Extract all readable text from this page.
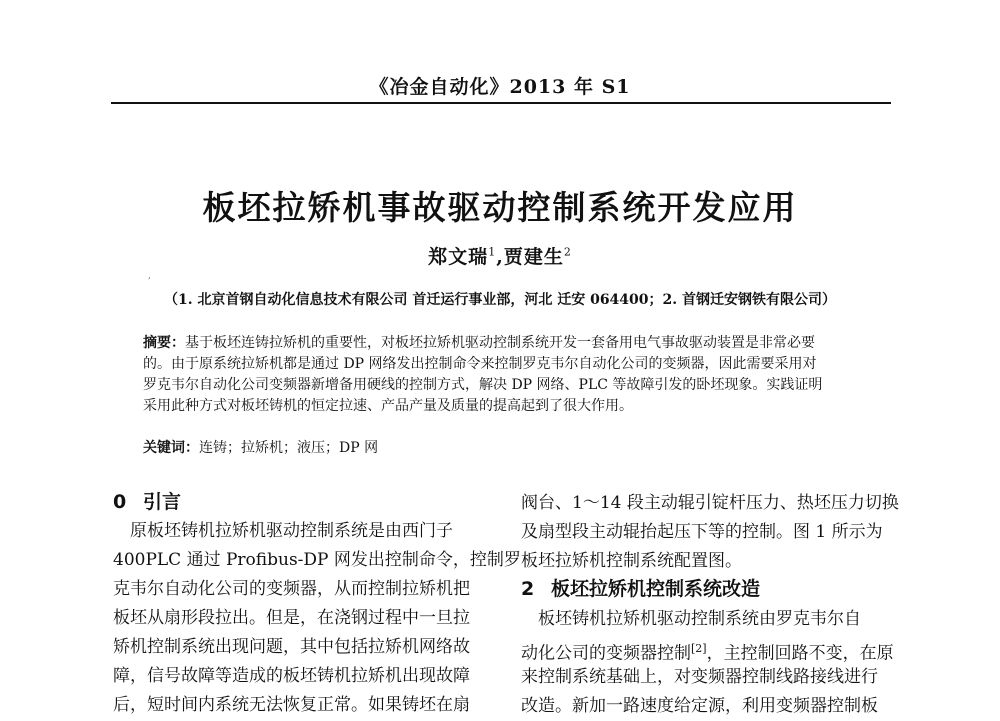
《冶金自动化》2013 年 S1
板坯拉矫机事故驱动控制系统开发应用
郑文瑞$^1$,贾建生$^2$
,
（1. 北京首钢自动化信息技术有限公司 首迁运行事业部，河北 迁安 064400；2. 首钢迁安钢铁有限公司）
摘要：基于板坯连铸拉矫机的重要性，对板坯拉矫机驱动控制系统开发一套备用电气事故驱动装置是非常必要
的。由于原系统拉矫机都是通过 DP 网络发出控制命令来控制罗克韦尔自动化公司的变频器，因此需要采用对
罗克韦尔自动化公司变频器新增备用硬线的控制方式，解决 DP 网络、PLC 等故障引发的卧坯现象。实践证明
采用此种方式对板坯铸机的恒定拉速、产品产量及质量的提高起到了很大作用。
关键词：连铸；拉矫机；液压；DP 网
0 引言
　原板坯铸机拉矫机驱动控制系统是由西门子
400PLC 通过 Profibus-DP 网发出控制命令，控制罗
克韦尔自动化公司的变频器，从而控制拉矫机把
板坯从扇形段拉出。但是，在浇钢过程中一旦拉
矫机控制系统出现问题，其中包括拉矫机网络故
障，信号故障等造成的板坯铸机拉矫机出现故障
后，短时间内系统无法恢复正常。如果铸坯在扇
阀台、1～14 段主动辊引锭杆压力、热坯压力切换
及扇型段主动辊抬起压下等的控制。图 1 所示为
板坯拉矫机控制系统配置图。
2 板坯拉矫机控制系统改造
　板坯铸机拉矫机驱动控制系统由罗克韦尔自
动化公司的变频器控制[2]，主控制回路不变，在原
来控制系统基础上，对变频器控制线路接线进行
改造。新加一路速度给定源，利用变频器控制板
